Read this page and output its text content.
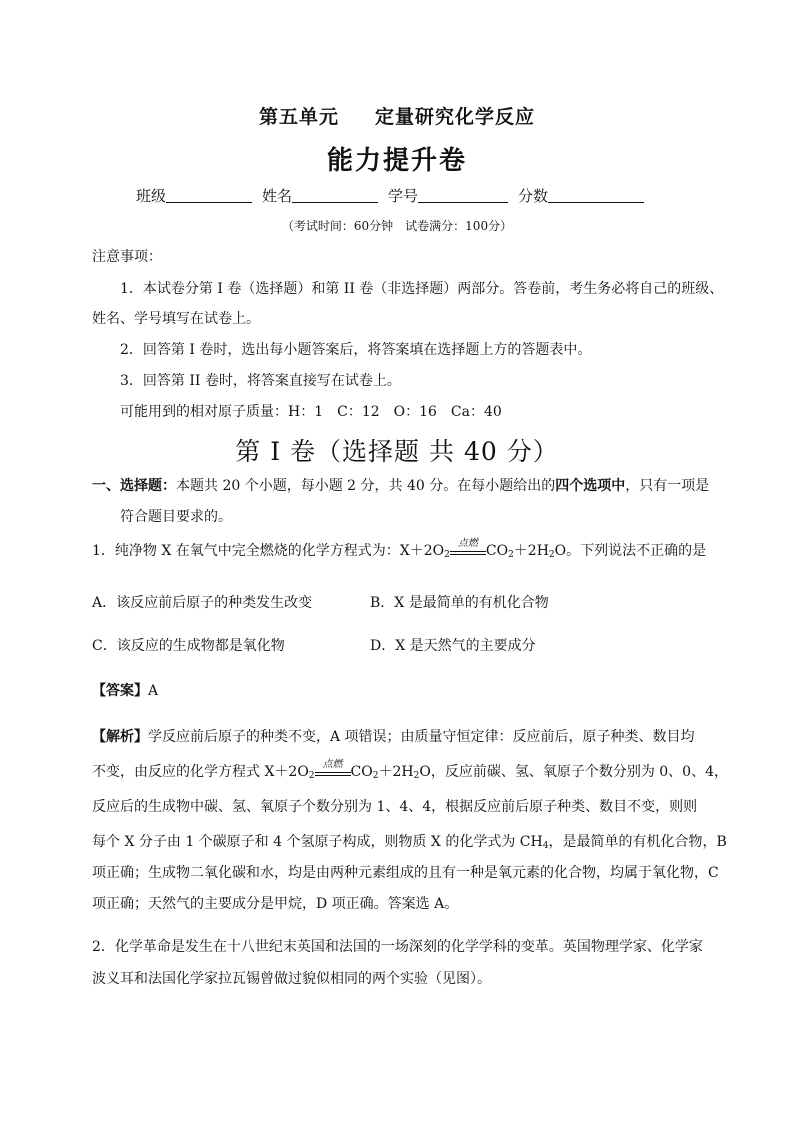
第五单元 定量研究化学反应
能力提升卷
班级	姓名	学号	分数
（考试时间：60分钟　试卷满分：100分）
注意事项：
1．本试卷分第 I 卷（选择题）和第 II 卷（非选择题）两部分。答卷前，考生务必将自己的班级、
姓名、学号填写在试卷上。
2．回答第 I 卷时，选出每小题答案后，将答案填在选择题上方的答题表中。
3．回答第 II 卷时，将答案直接写在试卷上。
可能用到的相对原子质量：H：1　C：12　O：16　Ca：40
第 I 卷（选择题 共 40 分）
一、选择题：本题共 20 个小题，每小题 2 分，共 40 分。在每小题给出的四个选项中，只有一项是
符合题目要求的。
1．纯净物 X 在氧气中完全燃烧的化学方程式为：$X+2O_2$
点燃 $CO_2+2H_2O$。下列说法不正确的是
A．该反应前后原子的种类发生改变	B．X 是最简单的有机化合物
C．该反应的生成物都是氧化物	D．X 是天然气的主要成分
【答案】A
【解析】学反应前后原子的种类不变，A 项错误；由质量守恒定律：反应前后，原子种类、数目均
不变，由反应的化学方程式 $X+2O_2$
点燃 $CO_2+2H_2O$，反应前碳、氢、氧原子个数分别为 0、0、4，
反应后的生成物中碳、氢、氧原子个数分别为 1、4、4，根据反应前后原子种类、数目不变，则则
每个 X 分子由 1 个碳原子和 4 个氢原子构成，则物质 X 的化学式为 $CH_4$，是最简单的有机化合物，B
项正确；生成物二氧化碳和水，均是由两种元素组成的且有一种是氧元素的化合物，均属于氧化物，C
项正确；天然气的主要成分是甲烷，D 项正确。答案选 A。
2．化学革命是发生在十八世纪末英国和法国的一场深刻的化学学科的变革。英国物理学家、化学家
波义耳和法国化学家拉瓦锡曾做过貌似相同的两个实验（见图）。
